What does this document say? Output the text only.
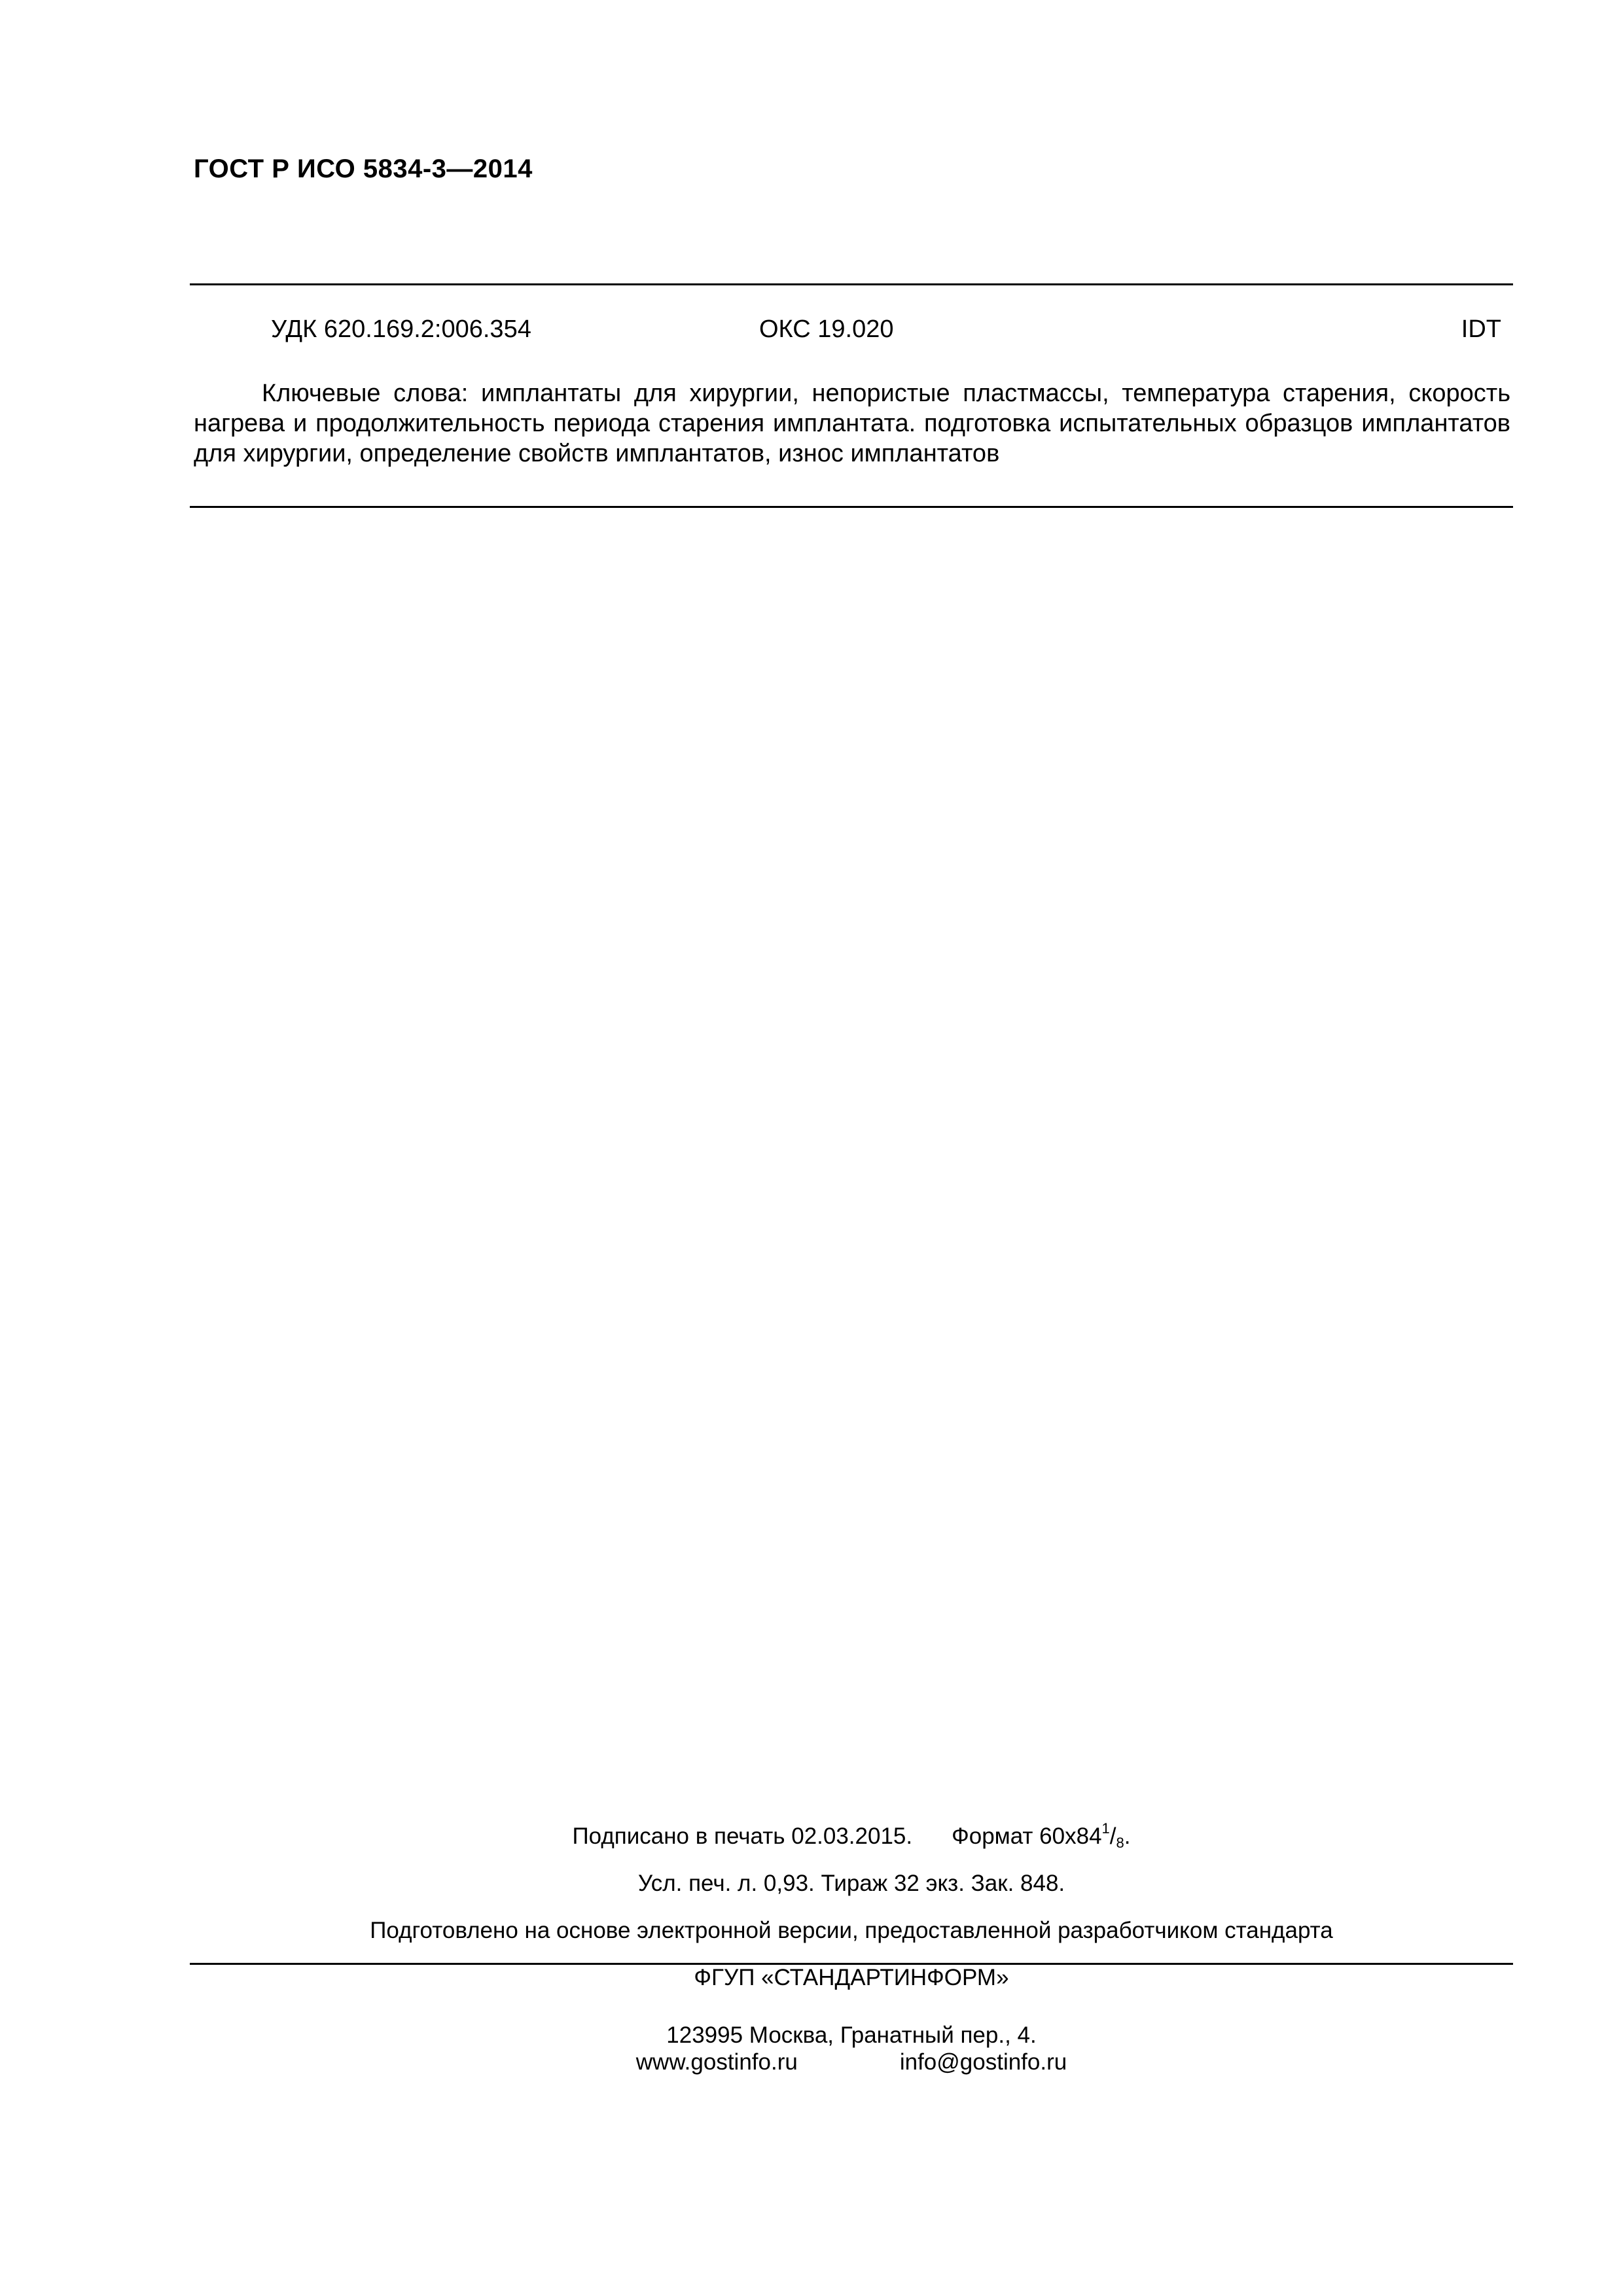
ГОСТ Р ИСО 5834-3—2014
УДК 620.169.2:006.354	ОКС 19.020	IDT
Ключевые слова: имплантаты для хирургии, непористые пластмассы, температура старения, скорость нагрева и продолжительность периода старения имплантата. подготовка испытательных образцов имплантатов для хирургии, определение свойств имплантатов, износ имплантатов
Подписано в печать 02.03.2015. Формат $60x84^1/_8$.
Усл. печ. л. 0,93. Тираж 32 экз. Зак. 848.
Подготовлено на основе электронной версии, предоставленной разработчиком стандарта
ФГУП «СТАНДАРТИНФОРМ»
123995 Москва, Гранатный пер., 4.
www.gostinfo.ru	info@gostinfo.ru
